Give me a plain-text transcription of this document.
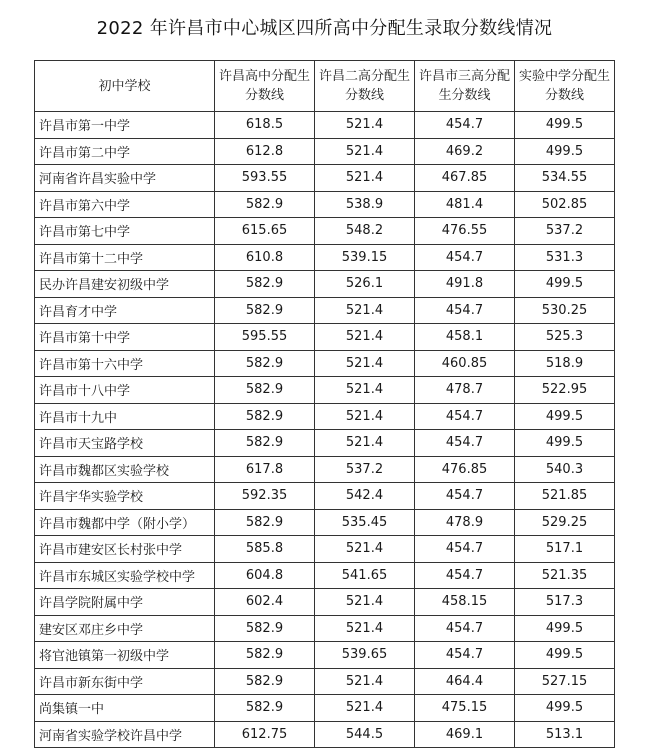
2022 年许昌市中心城区四所高中分配生录取分数线情况
初中学校	许昌高中分配生分数线	许昌二高分配生分数线	许昌市三高分配生分数线	实验中学分配生分数线
许昌市第一中学	618.5	521.4	454.7	499.5
许昌市第二中学	612.8	521.4	469.2	499.5
河南省许昌实验中学	593.55	521.4	467.85	534.55
许昌市第六中学	582.9	538.9	481.4	502.85
许昌市第七中学	615.65	548.2	476.55	537.2
许昌市第十二中学	610.8	539.15	454.7	531.3
民办许昌建安初级中学	582.9	526.1	491.8	499.5
许昌育才中学	582.9	521.4	454.7	530.25
许昌市第十中学	595.55	521.4	458.1	525.3
许昌市第十六中学	582.9	521.4	460.85	518.9
许昌市十八中学	582.9	521.4	478.7	522.95
许昌市十九中	582.9	521.4	454.7	499.5
许昌市天宝路学校	582.9	521.4	454.7	499.5
许昌市魏都区实验学校	617.8	537.2	476.85	540.3
许昌宇华实验学校	592.35	542.4	454.7	521.85
许昌市魏都中学（附小学）	582.9	535.45	478.9	529.25
许昌市建安区长村张中学	585.8	521.4	454.7	517.1
许昌市东城区实验学校中学	604.8	541.65	454.7	521.35
许昌学院附属中学	602.4	521.4	458.15	517.3
建安区邓庄乡中学	582.9	521.4	454.7	499.5
将官池镇第一初级中学	582.9	539.65	454.7	499.5
许昌市新东街中学	582.9	521.4	464.4	527.15
尚集镇一中	582.9	521.4	475.15	499.5
河南省实验学校许昌中学	612.75	544.5	469.1	513.1
